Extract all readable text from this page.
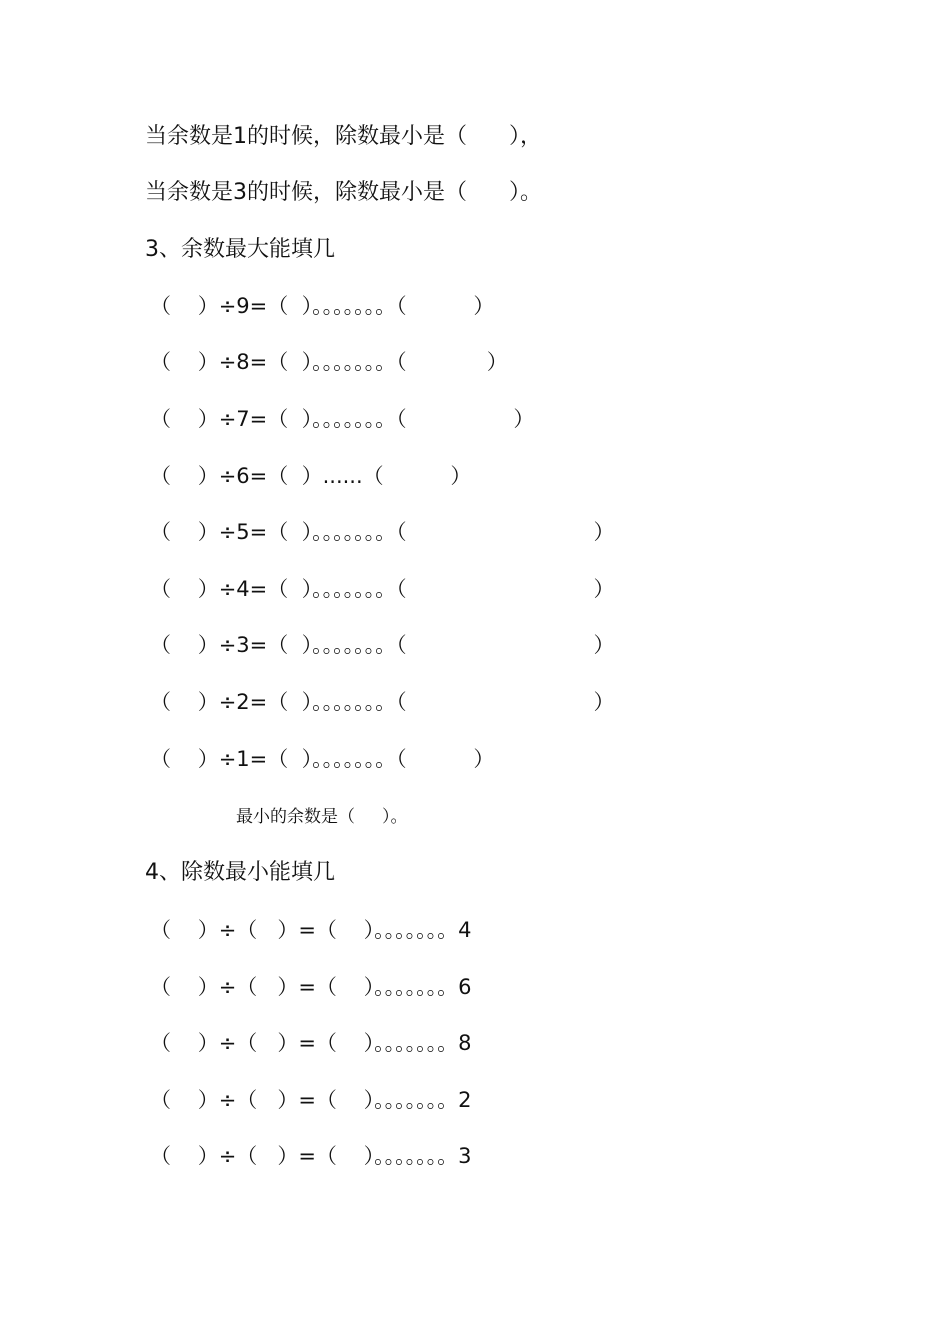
当余数是1的时候，除数最小是（      ），
当余数是3的时候，除数最小是（      ）。
3、余数最大能填几
（    ）÷9=（  ）。。。。。。。（          ）
（    ）÷8=（  ）。。。。。。。（            ）
（    ）÷7=（  ）。。。。。。。（                ）
（    ）÷6=（  ）......（          ）
（    ）÷5=（  ）。。。。。。。（                            ）
（    ）÷4=（  ）。。。。。。。（                            ）
（    ）÷3=（  ）。。。。。。。（                            ）
（    ）÷2=（  ）。。。。。。。（                            ）
（    ）÷1=（  ）。。。。。。。（          ）
最小的余数是（     ）。
4、除数最小能填几
（    ）÷（   ）=（    ）。。。。。。。4
（    ）÷（   ）=（    ）。。。。。。。6
（    ）÷（   ）=（    ）。。。。。。。8
（    ）÷（   ）=（    ）。。。。。。。2
（    ）÷（   ）=（    ）。。。。。。。3
